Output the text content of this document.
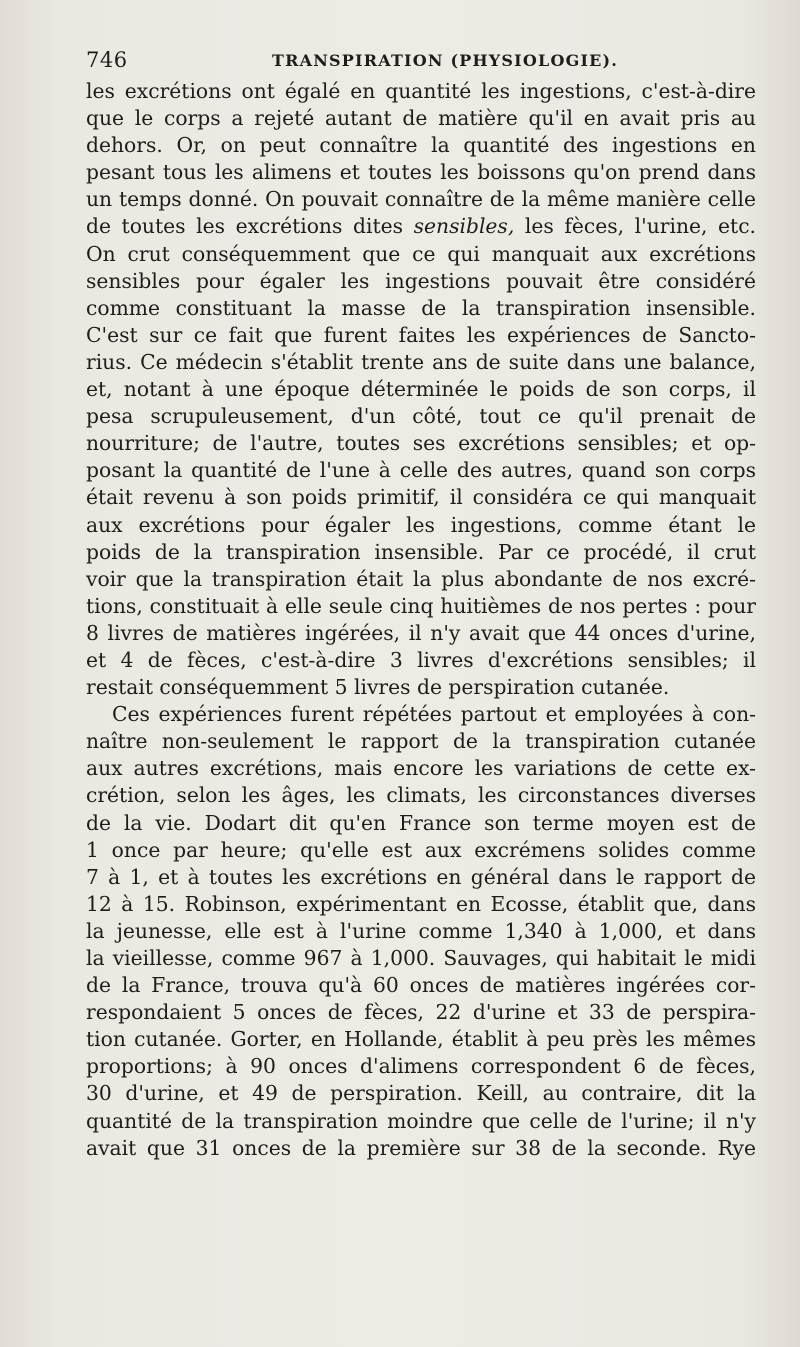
746	TRANSPIRATION (PHYSIOLOGIE).
les excrétions ont égalé en quantité les ingestions, c'est-à-dire
que le corps a rejeté autant de matière qu'il en avait pris au
dehors. Or, on peut connaître la quantité des ingestions en
pesant tous les alimens et toutes les boissons qu'on prend dans
un temps donné. On pouvait connaître de la même manière celle
de toutes les excrétions dites sensibles, les fèces, l'urine, etc.
On crut conséquemment que ce qui manquait aux excrétions
sensibles pour égaler les ingestions pouvait être considéré
comme constituant la masse de la transpiration insensible.
C'est sur ce fait que furent faites les expériences de Sancto-
rius. Ce médecin s'établit trente ans de suite dans une balance,
et, notant à une époque déterminée le poids de son corps, il
pesa scrupuleusement, d'un côté, tout ce qu'il prenait de
nourriture; de l'autre, toutes ses excrétions sensibles; et op-
posant la quantité de l'une à celle des autres, quand son corps
était revenu à son poids primitif, il considéra ce qui manquait
aux excrétions pour égaler les ingestions, comme étant le
poids de la transpiration insensible. Par ce procédé, il crut
voir que la transpiration était la plus abondante de nos excré-
tions, constituait à elle seule cinq huitièmes de nos pertes : pour
8 livres de matières ingérées, il n'y avait que 44 onces d'urine,
et 4 de fèces, c'est-à-dire 3 livres d'excrétions sensibles; il
restait conséquemment 5 livres de perspiration cutanée.
Ces expériences furent répétées partout et employées à con-
naître non-seulement le rapport de la transpiration cutanée
aux autres excrétions, mais encore les variations de cette ex-
crétion, selon les âges, les climats, les circonstances diverses
de la vie. Dodart dit qu'en France son terme moyen est de
1 once par heure; qu'elle est aux excrémens solides comme
7 à 1, et à toutes les excrétions en général dans le rapport de
12 à 15. Robinson, expérimentant en Ecosse, établit que, dans
la jeunesse, elle est à l'urine comme 1,340 à 1,000, et dans
la vieillesse, comme 967 à 1,000. Sauvages, qui habitait le midi
de la France, trouva qu'à 60 onces de matières ingérées cor-
respondaient 5 onces de fèces, 22 d'urine et 33 de perspira-
tion cutanée. Gorter, en Hollande, établit à peu près les mêmes
proportions; à 90 onces d'alimens correspondent 6 de fèces,
30 d'urine, et 49 de perspiration. Keill, au contraire, dit la
quantité de la transpiration moindre que celle de l'urine; il n'y
avait que 31 onces de la première sur 38 de la seconde. Rye
